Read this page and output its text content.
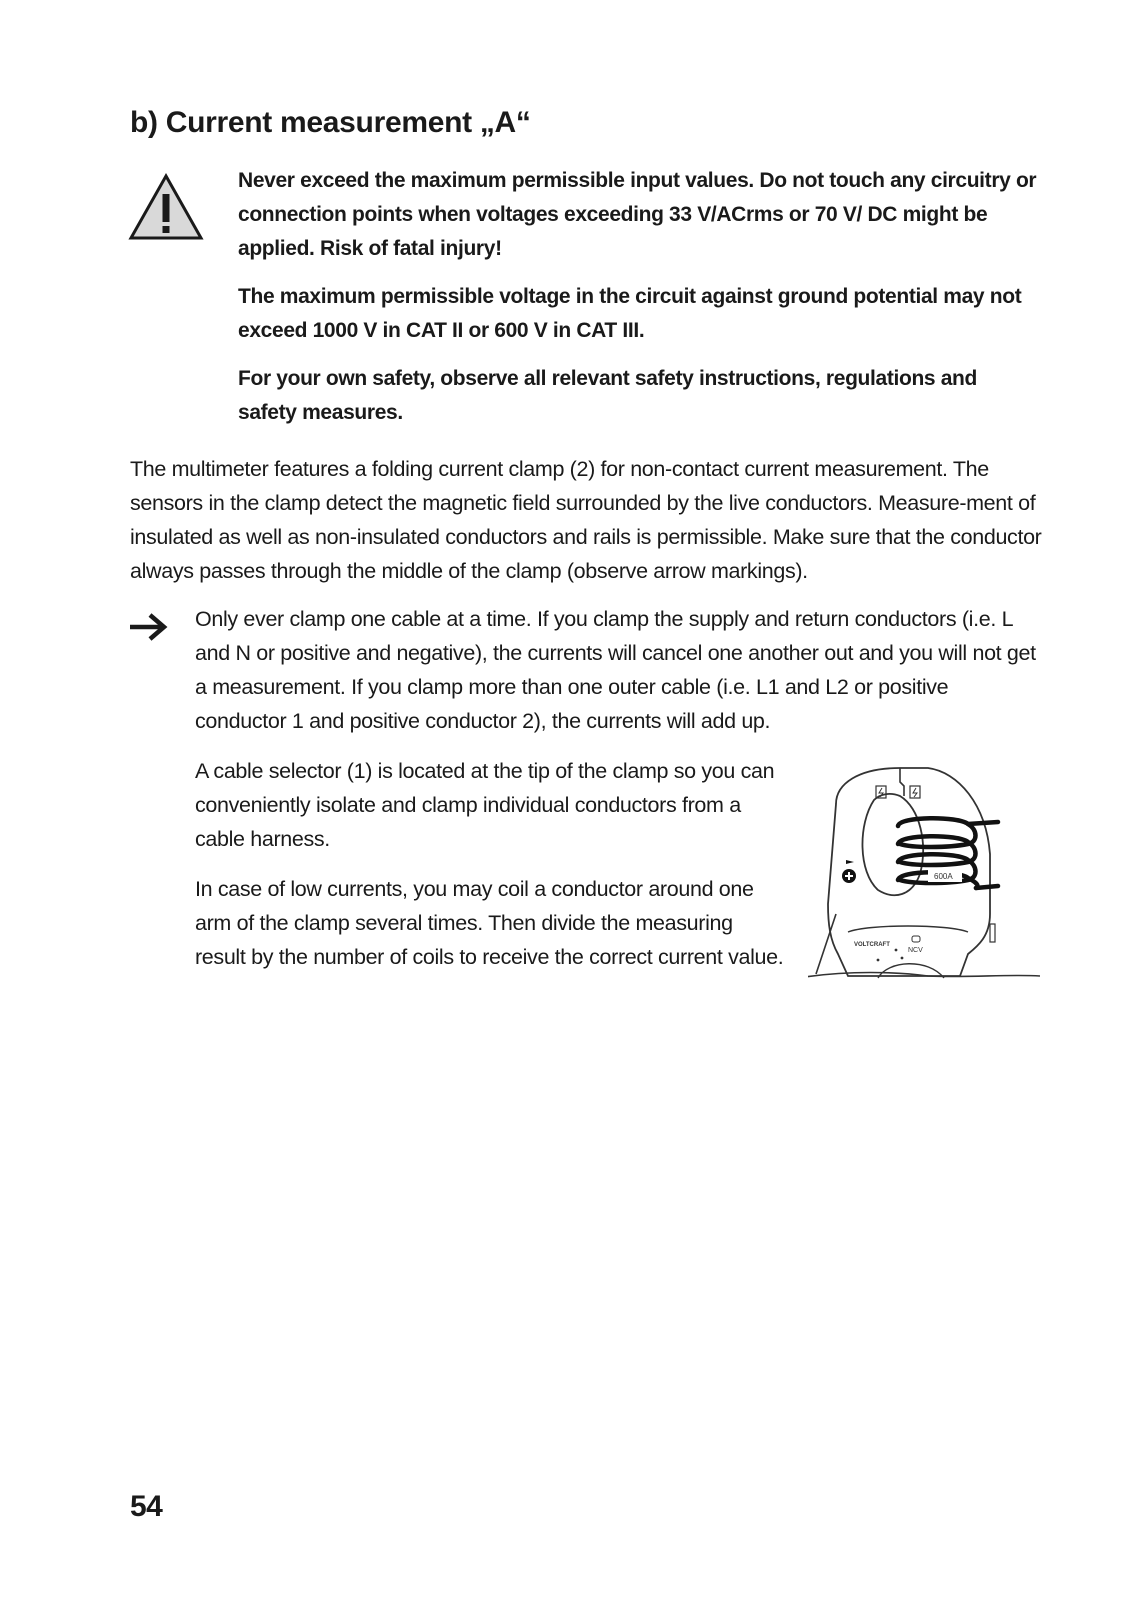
b) Current measurement „A“

Never exceed the maximum permissible input values. Do not touch any circuitry or connection points when voltages exceeding 33 V/ACrms or 70 V/ DC might be applied. Risk of fatal injury!

The maximum permissible voltage in the circuit against ground potential may not exceed 1000 V in CAT II or 600 V in CAT III.

For your own safety, observe all relevant safety instructions, regulations and safety measures.

The multimeter features a folding current clamp (2) for non-contact current measurement. The sensors in the clamp detect the magnetic field surrounded by the live conductors. Measure-ment of insulated as well as non-insulated conductors and rails is permissible. Make sure that the conductor always passes through the middle of the clamp (observe arrow markings).

Only ever clamp one cable at a time. If you clamp the supply and return conductors (i.e. L and N or positive and negative), the currents will cancel one another out and you will not get a measurement. If you clamp more than one outer cable (i.e. L1 and L2 or positive conductor 1 and positive conductor 2), the currents will add up.

A cable selector (1) is located at the tip of the clamp so you can conveniently isolate and clamp individual conductors from a cable harness.

In case of low currents, you may coil a conductor around one arm of the clamp several times. Then divide the measuring result by the number of coils to receive the correct current value.

600A
VOLTCRAFT
NCV
54
